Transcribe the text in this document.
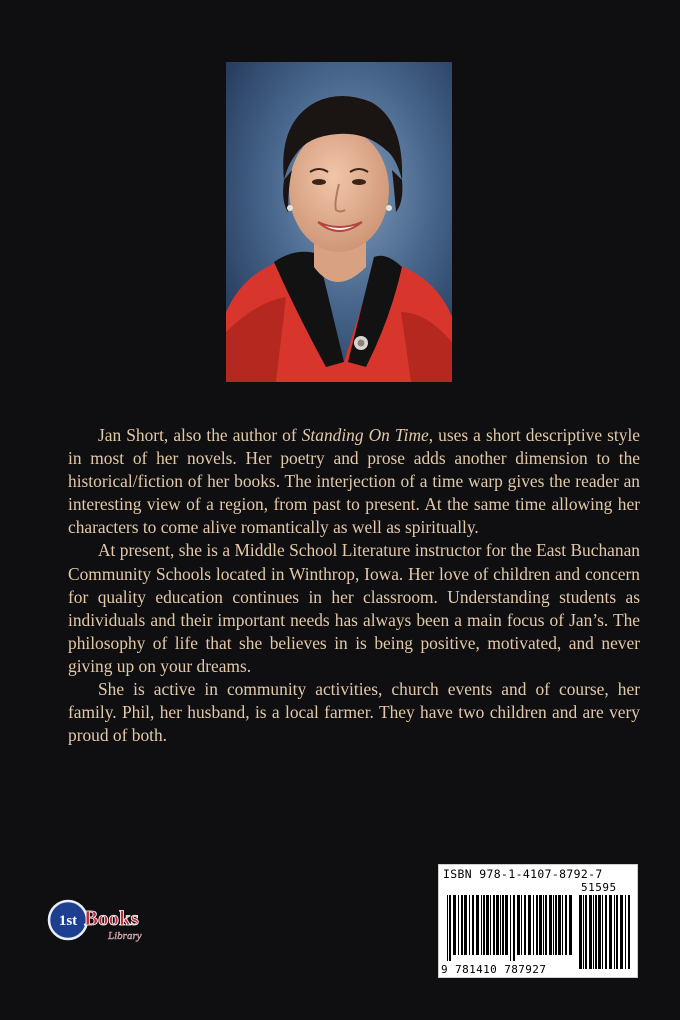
Jan Short, also the author of Standing On Time, uses a short descriptive style in most of her novels. Her poetry and prose adds another dimension to the historical/fiction of her books. The interjection of a time warp gives the reader an interesting view of a region, from past to present. At the same time allowing her characters to come alive romantically as well as spiritually.

At present, she is a Middle School Literature instructor for the East Buchanan Community Schools located in Winthrop, Iowa. Her love of children and concern for quality education continues in her classroom. Understanding students as individuals and their important needs has always been a main focus of Jan’s. The philosophy of life that she believes in is being positive, motivated, and never giving up on your dreams.

She is active in community activities, church events and of course, her family. Phil, her husband, is a local farmer. They have two children and are very proud of both.

1st Books
Library
ISBN 978-1-4107-8792-7
51595
9 781410 787927
